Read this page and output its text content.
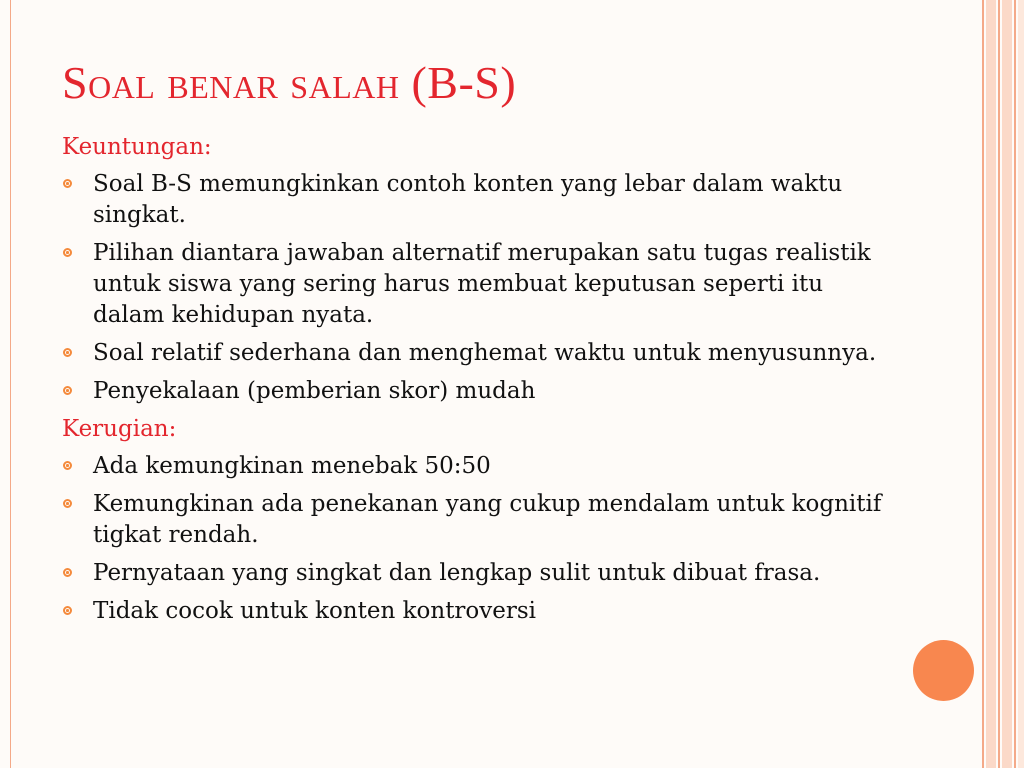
Soal benar salah (B-S)
Keuntungan:
Soal B-S memungkinkan contoh konten yang lebar dalam waktu singkat.
Pilihan diantara jawaban alternatif merupakan satu tugas realistik untuk siswa yang sering harus membuat keputusan seperti itu dalam kehidupan nyata.
Soal relatif sederhana dan menghemat waktu untuk menyusunnya.
Penyekalaan (pemberian skor) mudah
Kerugian:
Ada kemungkinan menebak 50:50
Kemungkinan ada penekanan yang cukup mendalam untuk kognitif tigkat rendah.
Pernyataan yang singkat dan lengkap sulit untuk dibuat frasa.
Tidak cocok untuk konten kontroversi
